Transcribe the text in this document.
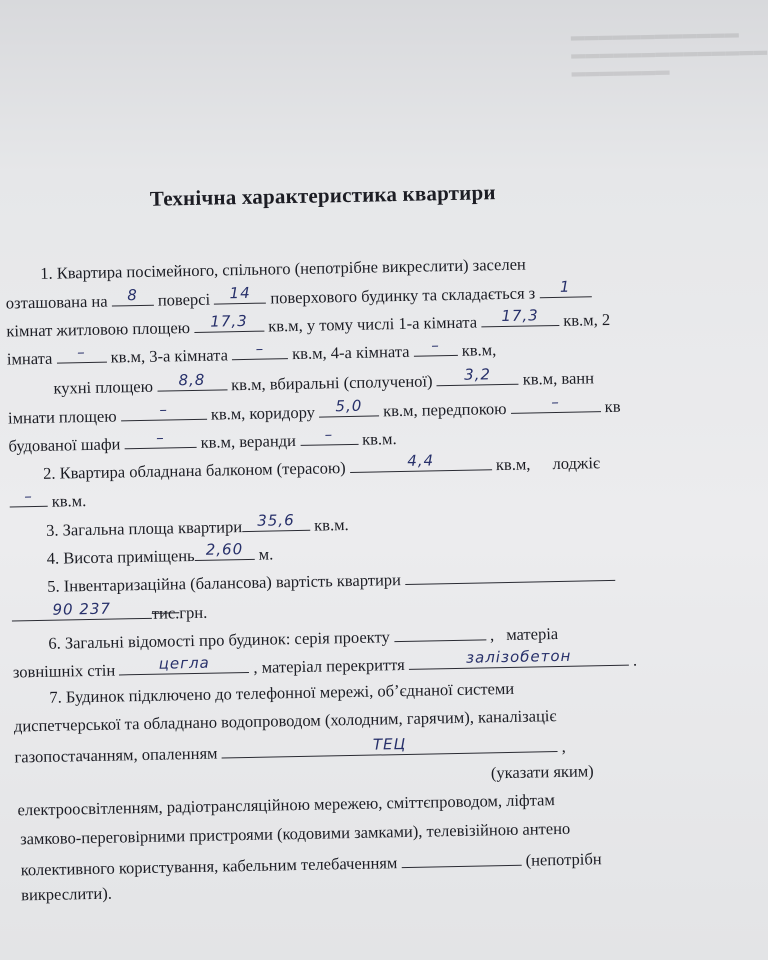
▬▬▬▬▬▬▬▬▬▬▬▬
▬▬▬▬▬▬▬▬▬▬▬▬▬▬
▬▬▬▬▬▬▬
Технічна характеристика квартири
1. Квартира посімейного, спільного (непотрібне викреслити) заселен
озташована на	8	поверсі	14	поверхового будинку та складається з	1
кімнат житловою площею	17,3	кв.м, у тому числі 1-а кімната	17,3	кв.м, 2
імната	–	кв.м, 3-а кімната	–	кв.м, 4-а кімната	–	кв.м,
кухні площею	8,8	кв.м, вбиральні (сполученої)	3,2	кв.м, ванн
імнати площею	–	кв.м, коридору	5,0	кв.м, передпокою	–	кв
будованої шафи	–	кв.м, веранди	–	кв.м.
2. Квартира обладнана балконом (терасою)	4,4	кв.м, лоджіє
–	кв.м.
3. Загальна площа квартири 35,6	кв.м.
4. Висота приміщень 2,60 м.
5. Інвентаризаційна (балансова) вартість квартири
90 237	тис.грн.
6. Загальні відомості про будинок: серія проекту	, матеріа
зовнішніх стін	цегла	, матеріал перекриття	залізобетон	.
7. Будинок підключено до телефонної мережі, об’єднаної системи
диспетчерської та обладнано водопроводом (холодним, гарячим), каналізаціє
газопостачанням, опаленням	ТЕЦ	,
(указати яким)
електроосвітленням, радіотрансляційною мережею, сміттєпроводом, ліфтам
замково-переговірними пристроями (кодовими замками), телевізійною антено
колективного користування, кабельним телебаченням	(непотрібн
викреслити).
